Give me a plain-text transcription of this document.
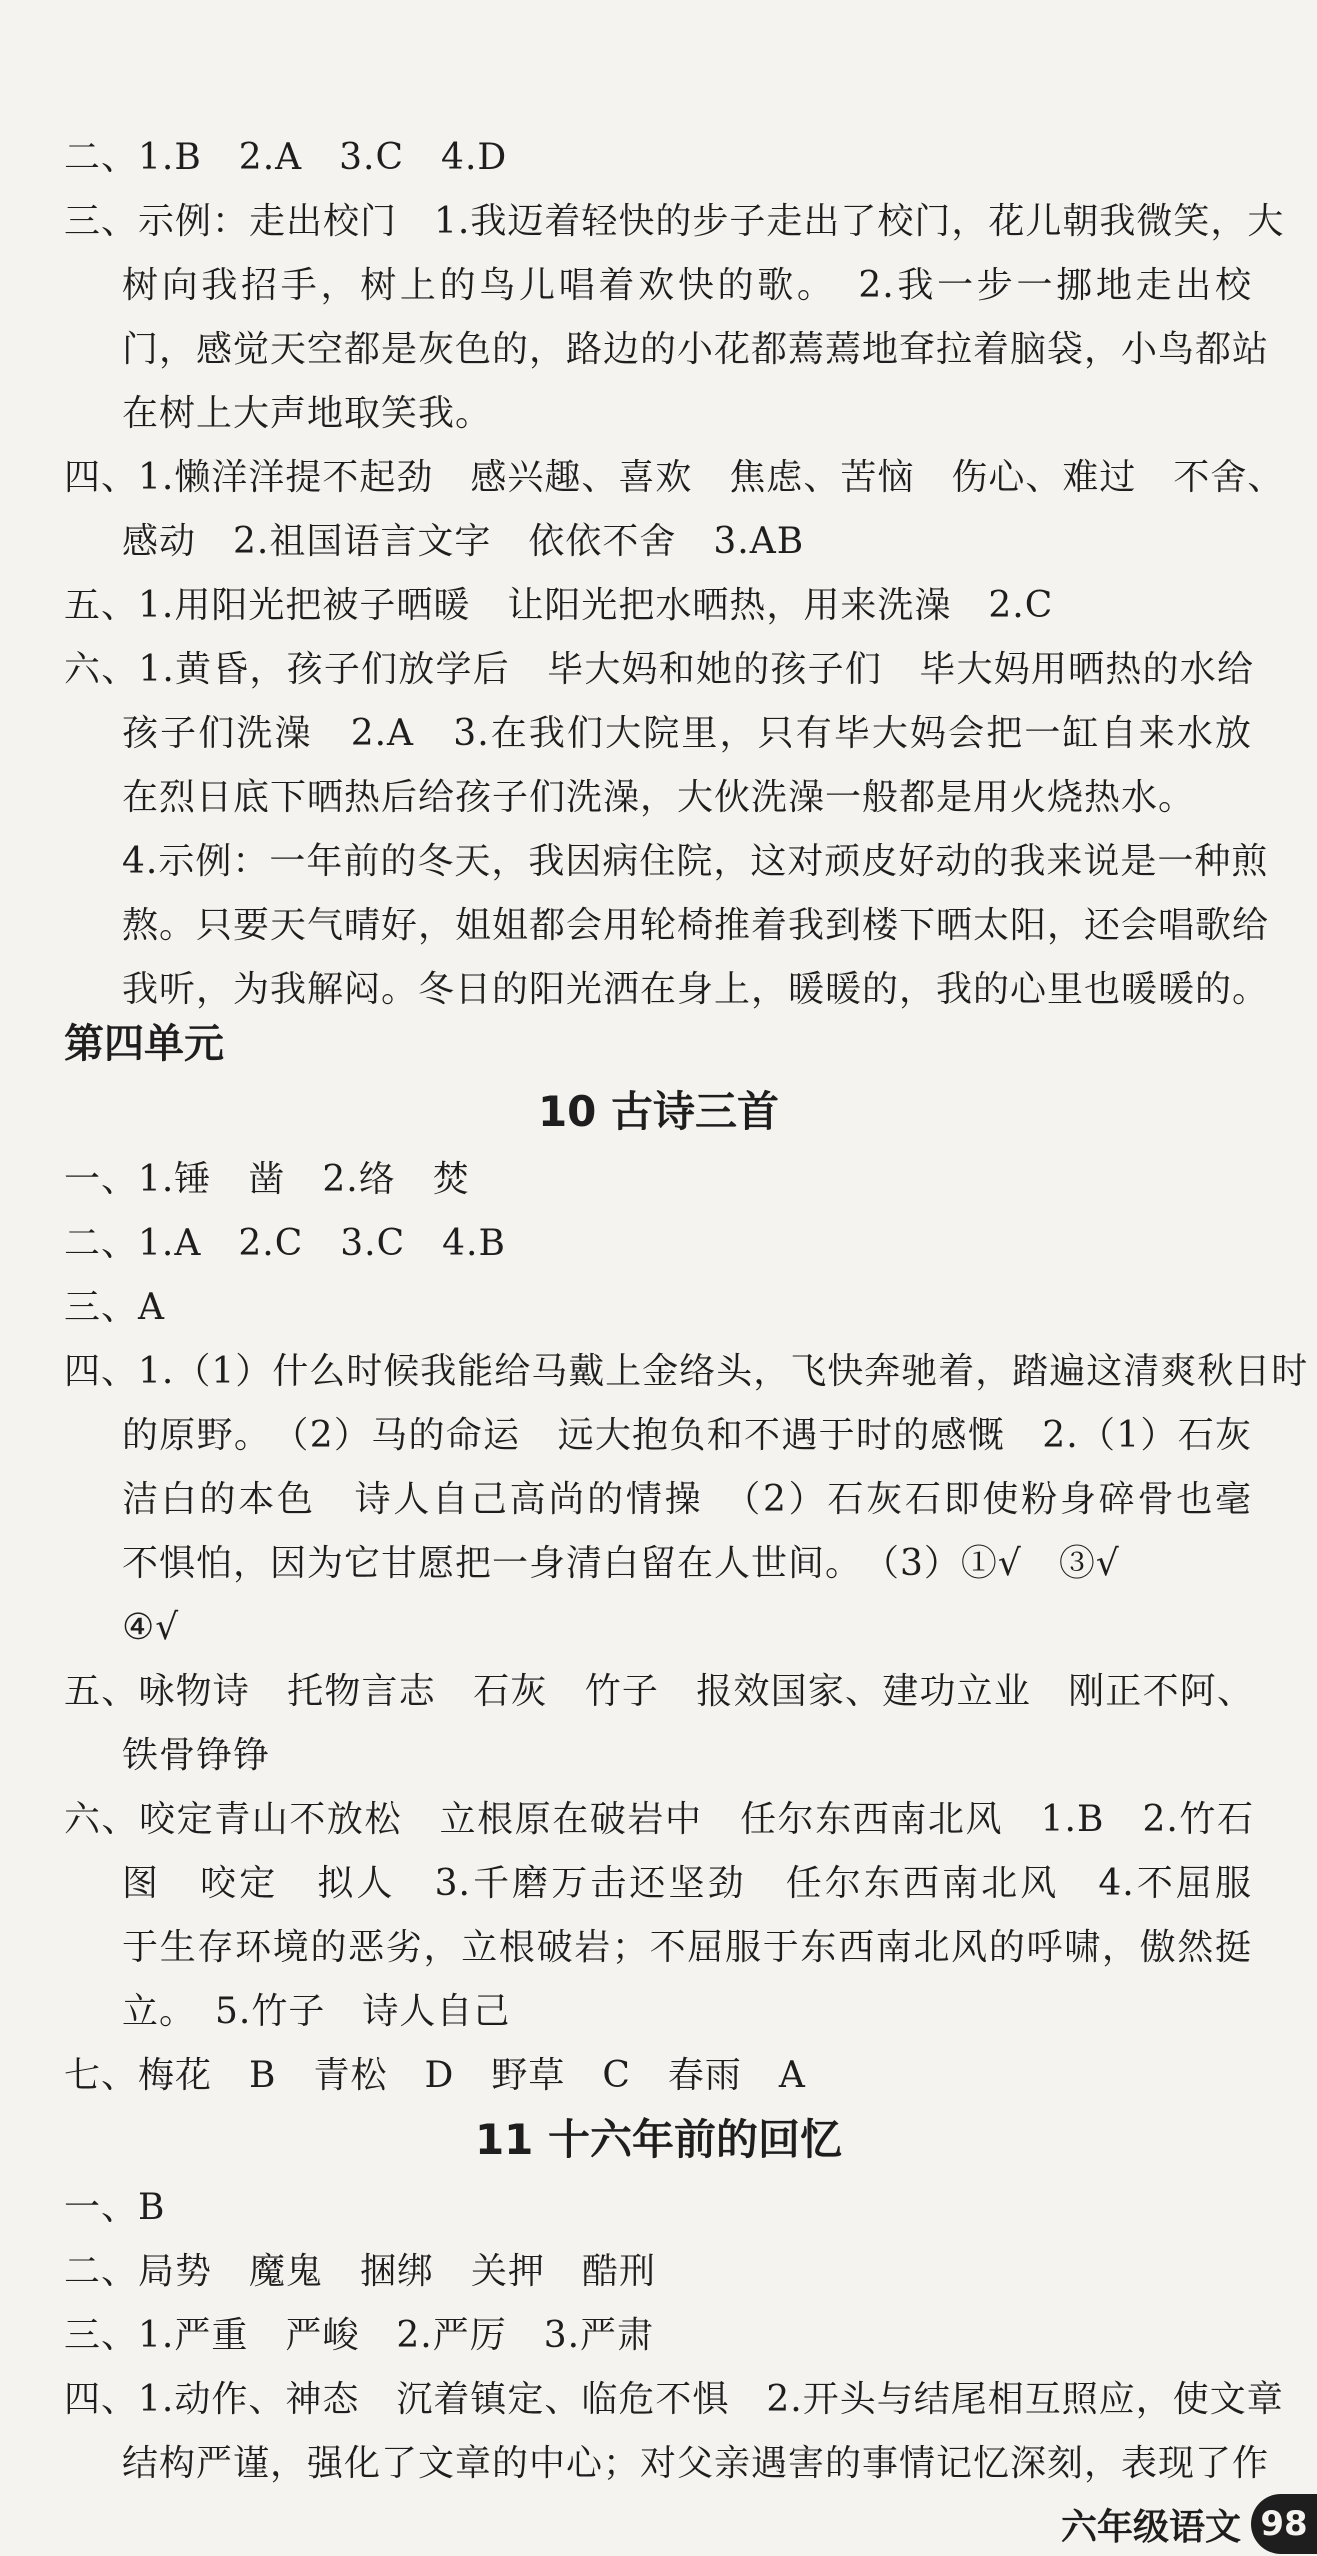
二、1.B　2.A　3.C　4.D
三、示例：走出校门　1.我迈着轻快的步子走出了校门，花儿朝我微笑，大
树向我招手，树上的鸟儿唱着欢快的歌。　2.我一步一挪地走出校
门，感觉天空都是灰色的，路边的小花都蔫蔫地耷拉着脑袋，小鸟都站
在树上大声地取笑我。
四、1.懒洋洋提不起劲　感兴趣、喜欢　焦虑、苦恼　伤心、难过　不舍、
感动　2.祖国语言文字　依依不舍　3.AB
五、1.用阳光把被子晒暖　让阳光把水晒热，用来洗澡　2.C
六、1.黄昏，孩子们放学后　毕大妈和她的孩子们　毕大妈用晒热的水给
孩子们洗澡　2.A　3.在我们大院里，只有毕大妈会把一缸自来水放
在烈日底下晒热后给孩子们洗澡，大伙洗澡一般都是用火烧热水。
4.示例：一年前的冬天，我因病住院，这对顽皮好动的我来说是一种煎
熬。只要天气晴好，姐姐都会用轮椅推着我到楼下晒太阳，还会唱歌给
我听，为我解闷。冬日的阳光洒在身上，暖暖的，我的心里也暖暖的。
第四单元
10 古诗三首
一、1.锤　凿　2.络　焚
二、1.A　2.C　3.C　4.B
三、A
四、1.（1）什么时候我能给马戴上金络头，飞快奔驰着，踏遍这清爽秋日时
的原野。　（2）马的命运　远大抱负和不遇于时的感慨　2.（1）石灰
洁白的本色　诗人自己高尚的情操　（2）石灰石即使粉身碎骨也毫
不惧怕，因为它甘愿把一身清白留在人世间。　（3）①√　③√
④√
五、咏物诗　托物言志　石灰　竹子　报效国家、建功立业　刚正不阿、
铁骨铮铮
六、咬定青山不放松　立根原在破岩中　任尔东西南北风　1.B　2.竹石
图　咬定　拟人　3.千磨万击还坚劲　任尔东西南北风　4.不屈服
于生存环境的恶劣，立根破岩；不屈服于东西南北风的呼啸，傲然挺
立。　5.竹子　诗人自己
七、梅花　B　青松　D　野草　C　春雨　A
11 十六年前的回忆
一、B
二、局势　魔鬼　捆绑　关押　酷刑
三、1.严重　严峻　2.严厉　3.严肃
四、1.动作、神态　沉着镇定、临危不惧　2.开头与结尾相互照应，使文章
结构严谨，强化了文章的中心；对父亲遇害的事情记忆深刻，表现了作
六年级语文 98
